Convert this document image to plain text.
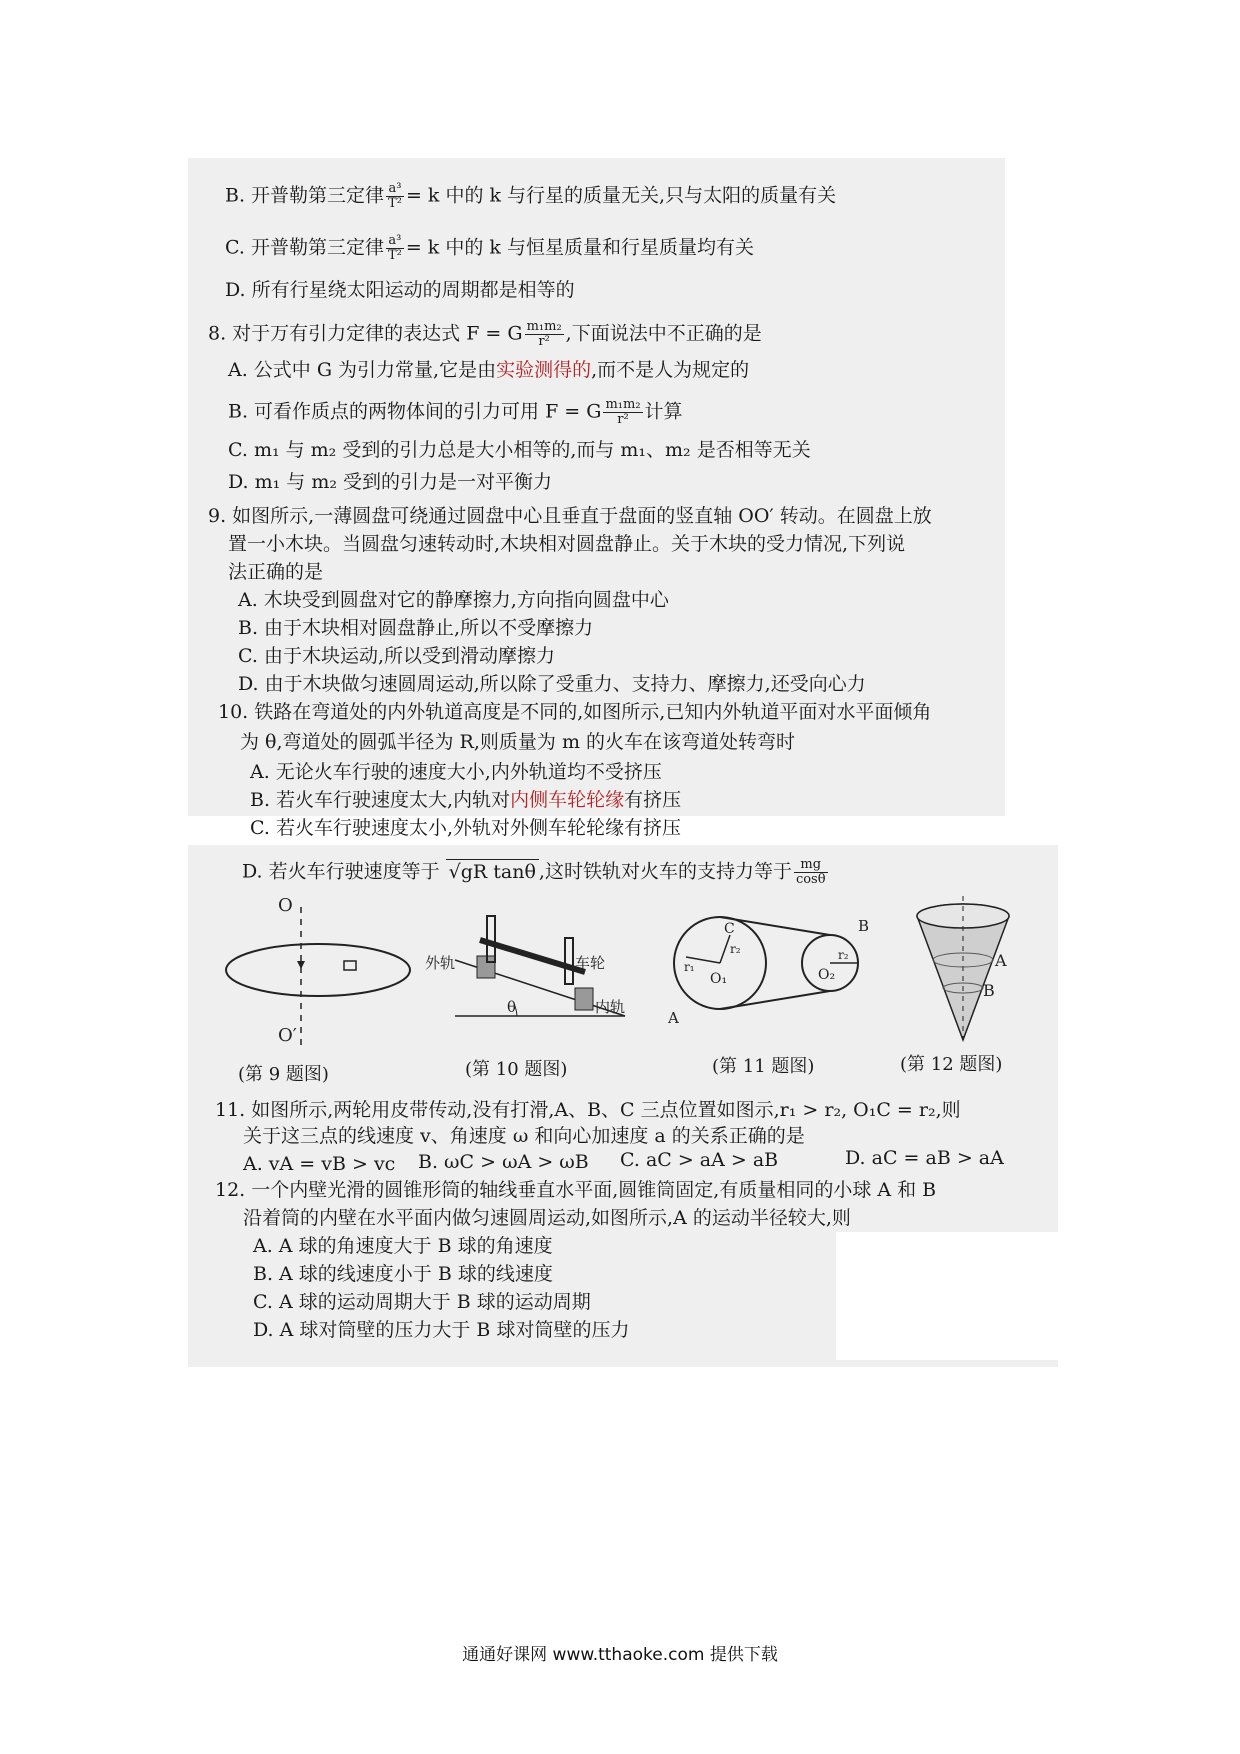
B. 开普勒第三定律 $\frac{\text{a³}}{\text{T²}} = k$ 中的 k 与行星的质量无关,只与太阳的质量有关
C. 开普勒第三定律 $\frac{\text{a³}}{\text{T²}} = k$ 中的 k 与恒星质量和行星质量均有关
D. 所有行星绕太阳运动的周期都是相等的
8. 对于万有引力定律的表达式 F = G $\frac{\text{m₁m₂}}{\text{r²}}$ ,下面说法中不正确的是
A. 公式中 G 为引力常量,它是由实验测得的,而不是人为规定的
B. 可看作质点的两物体间的引力可用 F = G $\frac{\text{m₁m₂}}{\text{r²}}$ 计算
C. m₁ 与 m₂ 受到的引力总是大小相等的,而与 m₁、m₂ 是否相等无关
D. m₁ 与 m₂ 受到的引力是一对平衡力
9. 如图所示,一薄圆盘可绕通过圆盘中心且垂直于盘面的竖直轴 OO′ 转动。在圆盘上放
置一小木块。当圆盘匀速转动时,木块相对圆盘静止。关于木块的受力情况,下列说
法正确的是
A. 木块受到圆盘对它的静摩擦力,方向指向圆盘中心
B. 由于木块相对圆盘静止,所以不受摩擦力
C. 由于木块运动,所以受到滑动摩擦力
D. 由于木块做匀速圆周运动,所以除了受重力、支持力、摩擦力,还受向心力
10. 铁路在弯道处的内外轨道高度是不同的,如图所示,已知内外轨道平面对水平面倾角
为 θ,弯道处的圆弧半径为 R,则质量为 m 的火车在该弯道处转弯时
A. 无论火车行驶的速度大小,内外轨道均不受挤压
B. 若火车行驶速度太大,内轨对内侧车轮轮缘有挤压
C. 若火车行驶速度太小,外轨对外侧车轮轮缘有挤压
D. 若火车行驶速度等于 √gR tanθ ,这时铁轨对火车的支持力等于 $\frac{mg}{\cos\theta}$
O
O′
外轨	车轮
内轨
θ
C
r₁
r₂
O₁
B
r₂
O₂
A
A
B
(第 9 题图)	(第 10 题图)	(第 11 题图)	(第 12 题图)
11. 如图所示,两轮用皮带传动,没有打滑,A、B、C 三点位置如图示,r₁ > r₂, O₁C = r₂,则
关于这三点的线速度 v、角速度 ω 和向心加速度 a 的关系正确的是
A. vA = vB > vc B. ωC > ωA > ωB C. aC > aA > aB	D. aC = aB > aA
12. 一个内壁光滑的圆锥形筒的轴线垂直水平面,圆锥筒固定,有质量相同的小球 A 和 B
沿着筒的内壁在水平面内做匀速圆周运动,如图所示,A 的运动半径较大,则
A. A 球的角速度大于 B 球的角速度
B. A 球的线速度小于 B 球的线速度
C. A 球的运动周期大于 B 球的运动周期
D. A 球对筒壁的压力大于 B 球对筒壁的压力
通通好课网 www.tthaoke.com 提供下载
